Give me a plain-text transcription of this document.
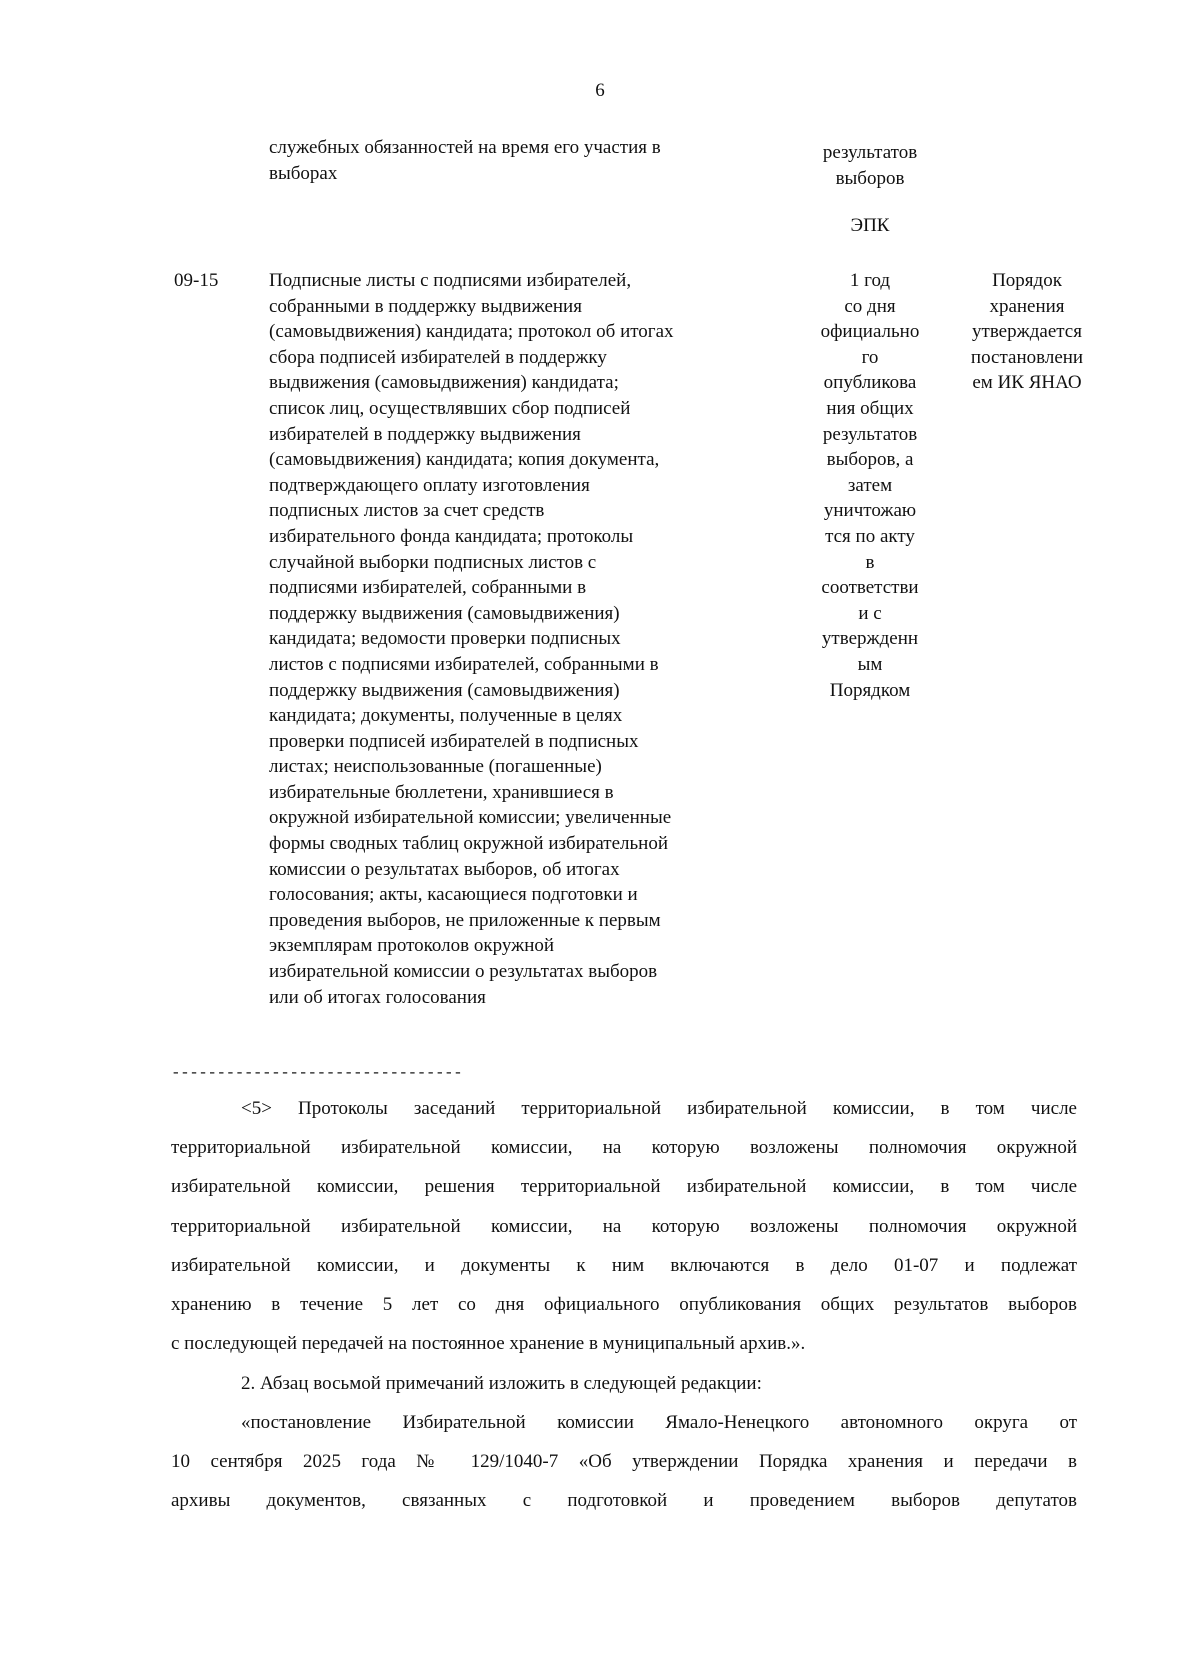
6
служебных обязанностей на время его участия в
выборах
результатов
выборов
ЭПК
09-15	Подписные листы с подписями избирателей,
собранными в поддержку выдвижения
(самовыдвижения) кандидата; протокол об итогах
сбора подписей избирателей в поддержку
выдвижения (самовыдвижения) кандидата;
список лиц, осуществлявших сбор подписей
избирателей в поддержку выдвижения
(самовыдвижения) кандидата; копия документа,
подтверждающего оплату изготовления
подписных листов за счет средств
избирательного фонда кандидата; протоколы
случайной выборки подписных листов с
подписями избирателей, собранными в
поддержку выдвижения (самовыдвижения)
кандидата; ведомости проверки подписных
листов с подписями избирателей, собранными в
поддержку выдвижения (самовыдвижения)
кандидата; документы, полученные в целях
проверки подписей избирателей в подписных
листах; неиспользованные (погашенные)
избирательные бюллетени, хранившиеся в
окружной избирательной комиссии; увеличенные
формы сводных таблиц окружной избирательной
комиссии о результатах выборов, об итогах
голосования; акты, касающиеся подготовки и
проведения выборов, не приложенные к первым
экземплярам протоколов окружной
избирательной комиссии о результатах выборов
или об итогах голосования
1 год
со дня
официально
го
опубликова
ния общих
результатов
выборов, а
затем
уничтожаю
тся по акту
в
соответстви
и с
утвержденн
ым
Порядком
Порядок
хранения
утверждается
постановлени
ем ИК ЯНАО
--------------------------------
<5> Протоколы заседаний территориальной избирательной комиссии, в том числе
территориальной избирательной комиссии, на которую возложены полномочия окружной
избирательной комиссии, решения территориальной избирательной комиссии, в том числе
территориальной избирательной комиссии, на которую возложены полномочия окружной
избирательной комиссии, и документы к ним включаются в дело 01-07 и подлежат
хранению в течение 5 лет со дня официального опубликования общих результатов выборов
с последующей передачей на постоянное хранение в муниципальный архив.».
2. Абзац восьмой примечаний изложить в следующей редакции:
«постановление Избирательной комиссии Ямало-Ненецкого автономного округа от
10 сентября 2025 года № 129/1040-7 «Об утверждении Порядка хранения и передачи в
архивы документов, связанных с подготовкой и проведением выборов депутатов
